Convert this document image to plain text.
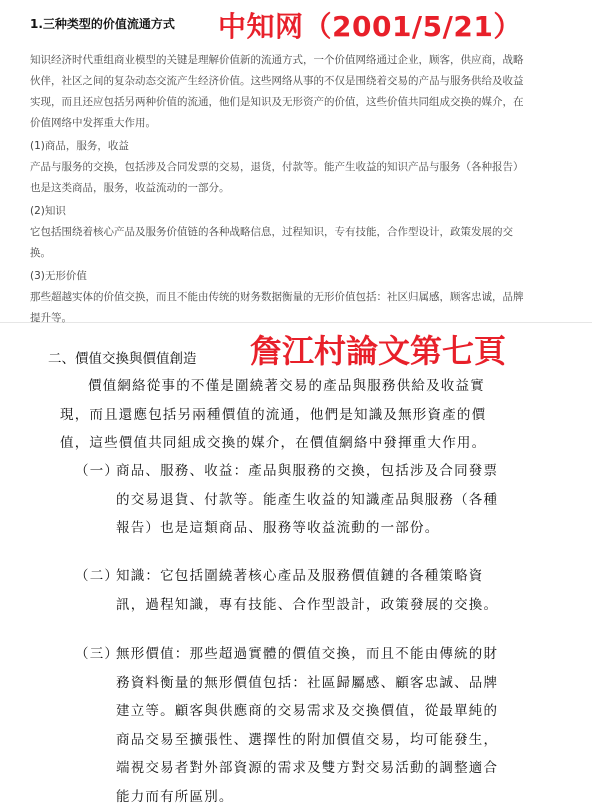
1.三种类型的价值流通方式 中知网（2001/5/21）

知识经济时代重组商业模型的关键是理解价值新的流通方式，一个价值网络通过企业，顾客，供应商，战略伙伴，社区之间的复杂动态交流产生经济价值。这些网络从事的不仅是围绕着交易的产品与服务供给及收益实现，而且还应包括另两种价值的流通，他们是知识及无形资产的价值，这些价值共同组成交换的媒介，在价值网络中发挥重大作用。

(1)商品，服务，收益

产品与服务的交换，包括涉及合同发票的交易，退货，付款等。能产生收益的知识产品与服务（各种报告）也是这类商品，服务，收益流动的一部分。

(2)知识

它包括围绕着核心产品及服务价值链的各种战略信息，过程知识，专有技能，合作型设计，政策发展的交换。

(3)无形价值

那些超越实体的价值交换，而且不能由传统的财务数据衡量的无形价值包括：社区归属感，顾客忠诚，品牌提升等。

詹江村論文第七頁
二、價值交換與價值創造
價值網絡從事的不僅是圍繞著交易的產品與服務供給及收益實現，而且還應包括另兩種價值的流通，他們是知識及無形資產的價值，這些價值共同組成交換的媒介，在價值網絡中發揮重大作用。
（一）
商品、服務、收益：產品與服務的交換，包括涉及合同發票的交易退貨、付款等。能產生收益的知識產品與服務（各種報告）也是這類商品、服務等收益流動的一部份。
（二）
知識：它包括圍繞著核心產品及服務價值鏈的各種策略資訊，過程知識，專有技能、合作型設計，政策發展的交換。
（三）
無形價值：那些超過實體的價值交換，而且不能由傳統的財務資料衡量的無形價值包括：社區歸屬感、顧客忠誠、品牌建立等。顧客與供應商的交易需求及交換價值，從最單純的商品交易至擴張性、選擇性的附加價值交易，均可能發生，端視交易者對外部資源的需求及雙方對交易活動的調整適合能力而有所區別。
